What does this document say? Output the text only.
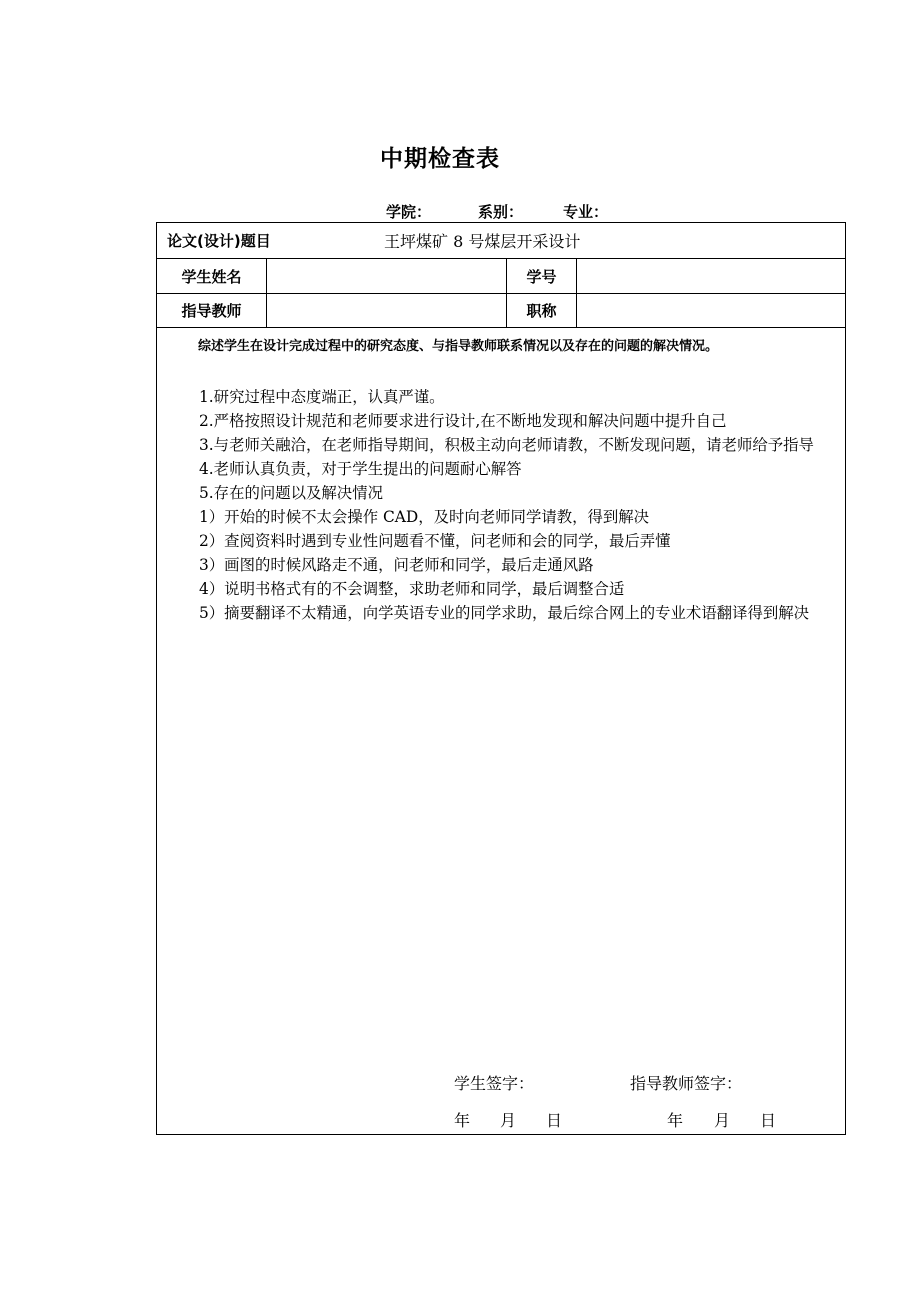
中期检查表
学院：	系别：	专业：
论文(设计)题目	王坪煤矿 8 号煤层开采设计
学生姓名	学号
指导教师	职称
综述学生在设计完成过程中的研究态度、与指导教师联系情况以及存在的问题的解决情况。

1.研究过程中态度端正，认真严谨。

2.严格按照设计规范和老师要求进行设计,在不断地发现和解决问题中提升自己

3.与老师关融洽，在老师指导期间，积极主动向老师请教，不断发现问题，请老师给予指导

4.老师认真负责，对于学生提出的问题耐心解答

5.存在的问题以及解决情况

1）开始的时候不太会操作 CAD，及时向老师同学请教，得到解决

2）查阅资料时遇到专业性问题看不懂，问老师和会的同学，最后弄懂

3）画图的时候风路走不通，问老师和同学，最后走通风路

4）说明书格式有的不会调整，求助老师和同学，最后调整合适

5）摘要翻译不太精通，向学英语专业的同学求助，最后综合网上的专业术语翻译得到解决

学生签字：	指导教师签字：
年 月 日	年 月 日
